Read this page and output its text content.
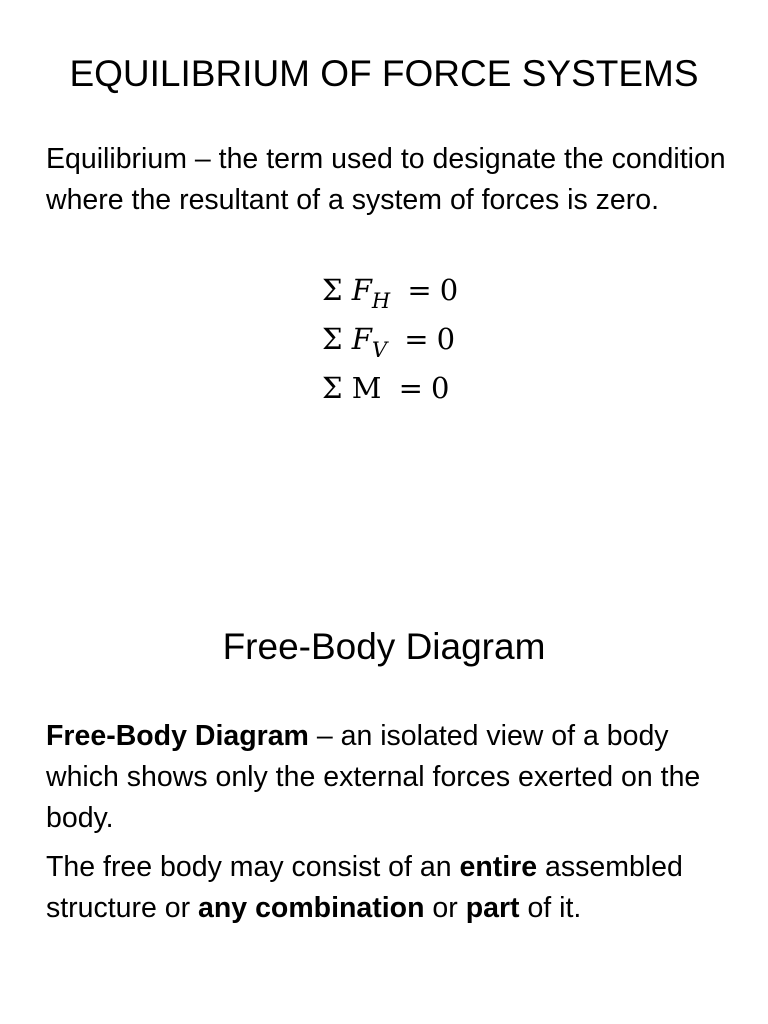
EQUILIBRIUM OF FORCE SYSTEMS

Equilibrium – the term used to designate the condition where the resultant of a system of forces is zero.

Σ $F_H = 0$
Σ $F_V = 0$
Σ M = 0
Free-Body Diagram

Free-Body Diagram – an isolated view of a body which shows only the external forces exerted on the body.

The free body may consist of an entire assembled structure or any combination or part of it.
